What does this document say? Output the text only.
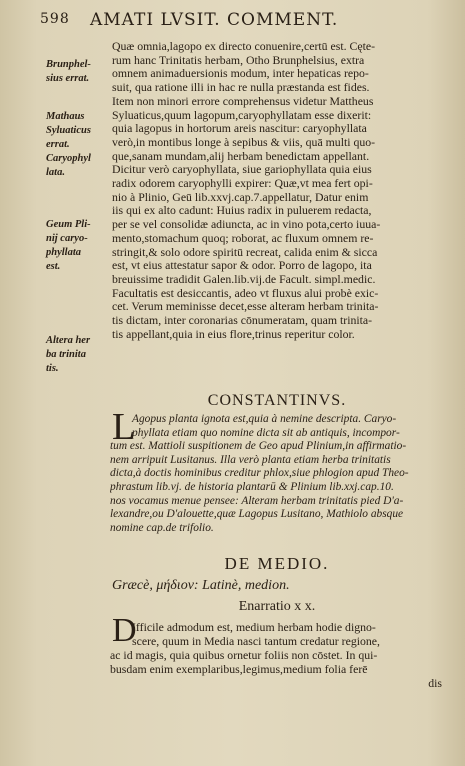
598 AMATI LVSIT. COMMENT.
Brunphel-
sius errat.
Mathaus
Syluaticus
errat.
Caryophyl
lata.
Geum Pli-
nij caryo-
phyllata
est.
Altera her
ba trinita
tis.
Quæ omnia,lagopo ex directo conuenire,certū est. Cęte-
rum hanc Trinitatis herbam, Otho Brunphelsius, extra
omnem animaduersionis modum, inter hepaticas repo-
suit, qua ratione illi in hac re nulla præstanda est fides.
Item non minori errore comprehensus videtur Mattheus
Syluaticus,quum lagopum,caryophyllatam esse dixerit:
quia lagopus in hortorum areis nascitur: caryophyllata
verò,in montibus longe à sepibus & viis, quā multi quo-
que,sanam mundam,alij herbam benedictam appellant.
Dicitur verò caryophyllata, siue gariophyllata quia eius
radix odorem caryophylli expirer: Quæ,vt mea fert opi-
nio à Plinio, Geū lib.xxvj.cap.7.appellatur, Datur enim
iis qui ex alto cadunt: Huius radix in puluerem redacta,
per se vel consolidæ adiuncta, ac in vino pota,certo iuua-
mento,stomachum quoq; roborat, ac fluxum omnem re-
stringit,& solo odore spiritū recreat, calida enim & sicca
est, vt eius attestatur sapor & odor. Porro de lagopo, ita
breuissime tradidit Galen.lib.vij.de Facult. simpl.medic.
Facultatis est desiccantis, adeo vt fluxus alui probè exic-
cet. Verum meminisse decet,esse alteram herbam trinita-
tis dictam, inter coronarias cōnumeratam, quam trinita-
tis appellant,quia in eius flore,trinus reperitur color.
CONSTANTINVS.
L
Agopus planta ignota est,quia à nemine descripta. Caryo-
phyllata etiam quo nomine dicta sit ab antiquis, incompor-
tum est. Mattioli suspitionem de Geo apud Plinium,in affirmatio-
nem arripuit Lusitanus. Illa verò planta etiam herba trinitatis
dicta,à doctis hominibus creditur phlox,siue phlogion apud Theo-
phrastum lib.vj. de historia plantarū & Plinium lib.xxj.cap.10.
nos vocamus menue pensee: Alteram herbam trinitatis pied D'a-
lexandre,ou D'alouette,quæ Lagopus Lusitano, Mathiolo absque
nomine cap.de trifolio.
DE MEDIO.
Græcè, μήδιον: Latinè, medion.
Enarratio x x.
D
Ifficile admodum est, medium herbam hodie digno-
scere, quum in Media nasci tantum credatur regione,
ac id magis, quia quibus ornetur foliis non cōstet. In qui-
busdam enim exemplaribus,legimus,medium folia ferē
dis
